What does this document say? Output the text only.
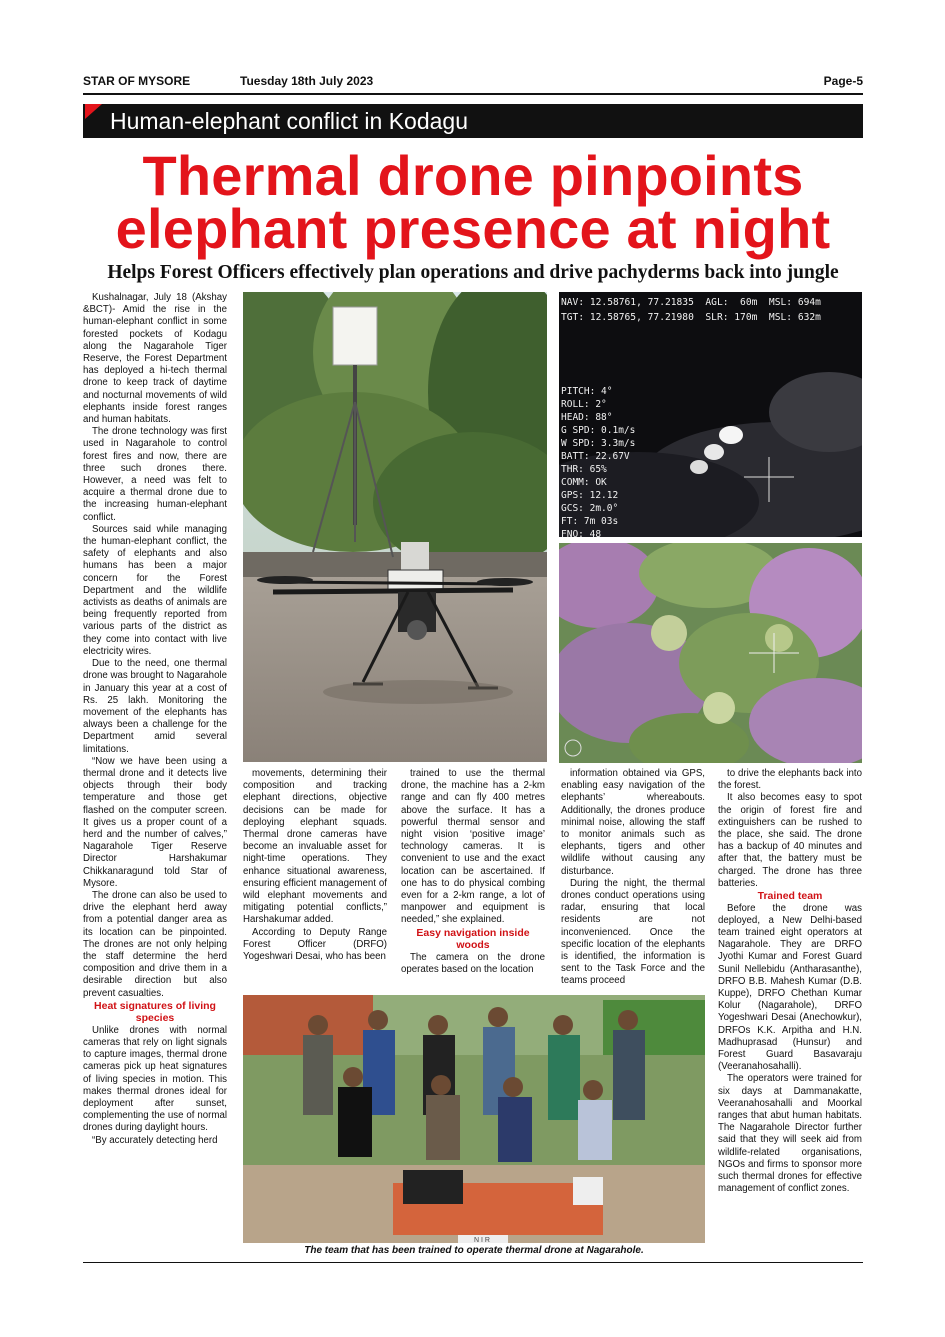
STAR OF MYSORE	Tuesday 18th July 2023	Page-5
Human-elephant conflict in Kodagu
Thermal drone pinpoints
elephant presence at night
Helps Forest Officers effectively plan operations and drive pachyderms back into jungle

Kushalnagar, July 18 (Akshay &BCT)- Amid the rise in the human-elephant conflict in some forested pockets of Kodagu along the Nagarahole Tiger Reserve, the Forest Department has deployed a hi-tech thermal drone to keep track of daytime and nocturnal movements of wild elephants inside forest ranges and human habitats.

The drone technology was first used in Nagarahole to control forest fires and now, there are three such drones there. However, a need was felt to acquire a thermal drone due to the increasing human-elephant conflict.

Sources said while managing the human-elephant conflict, the safety of elephants and also humans has been a major concern for the Forest Department and the wildlife activists as deaths of animals are being frequently reported from various parts of the district as they come into contact with live electricity wires.

Due to the need, one thermal drone was brought to Nagarahole in January this year at a cost of Rs. 25 lakh. Monitoring the movement of the elephants has always been a challenge for the Department amid several limitations.

“Now we have been using a thermal drone and it detects live objects through their body temperature and those get flashed on the computer screen. It gives us a proper count of a herd and the number of calves,” Nagarahole Tiger Reserve Director Harshakumar Chikkanaragund told Star of Mysore.

The drone can also be used to drive the elephant herd away from a potential danger area as its location can be pinpointed. The drones are not only helping the staff determine the herd composition and drive them in a desirable direction but also prevent casualties.

Heat signatures of living species

Unlike drones with normal cameras that rely on light signals to capture images, thermal drone cameras pick up heat signatures of living species in motion. This makes thermal drones ideal for deployment after sunset, complementing the use of normal drones during daylight hours.

“By accurately detecting herd

movements, determining their composition and tracking elephant directions, objective decisions can be made for deploying elephant squads. Thermal drone cameras have become an invaluable asset for night-time operations. They enhance situational awareness, ensuring efficient management of wild elephant movements and mitigating potential conflicts,” Harshakumar added.

According to Deputy Range Forest Officer (DRFO) Yogeshwari Desai, who has been

trained to use the thermal drone, the machine has a 2-km range and can fly 400 metres above the surface. It has a powerful thermal sensor and night vision ‘positive image’ technology cameras. It is convenient to use and the exact location can be ascertained. If one has to do physical combing even for a 2-km range, a lot of manpower and equipment is needed,” she explained.

Easy navigation inside woods

The camera on the drone operates based on the location

information obtained via GPS, enabling easy navigation of the elephants’ whereabouts. Additionally, the drones produce minimal noise, allowing the staff to monitor animals such as elephants, tigers and other wildlife without causing any disturbance.

During the night, the thermal drones conduct operations using radar, ensuring that local residents are not inconvenienced. Once the specific location of the elephants is identified, the information is sent to the Task Force and the teams proceed

to drive the elephants back into the forest.

It also becomes easy to spot the origin of forest fire and extinguishers can be rushed to the place, she said. The drone has a backup of 40 minutes and after that, the battery must be charged. The drone has three batteries.

Trained team

Before the drone was deployed, a New Delhi-based team trained eight operators at Nagarahole. They are DRFO Jyothi Kumar and Forest Guard Sunil Nellebidu (Antharasanthe), DRFO B.B. Mahesh Kumar (D.B. Kuppe), DRFO Chethan Kumar Kolur (Nagarahole), DRFO Yogeshwari Desai (Anechowkur), DRFOs K.K. Arpitha and H.N. Madhuprasad (Hunsur) and Forest Guard Basavaraju (Veeranahosahalli).

The operators were trained for six days at Dammanakatte, Veeranahosahalli and Moorkal ranges that abut human habitats. The Nagarahole Director further said that they will seek aid from wildlife-related organisations, NGOs and firms to sponsor more such thermal drones for effective management of conflict zones.

NAV: 12.58761, 77.21835  AGL:  60m  MSL: 694m
TGT: 12.58765, 77.21980  SLR: 170m  MSL: 632m
PITCH: 4°
ROLL: 2°
HEAD: 88°
G SPD: 0.1m/s
W SPD: 3.3m/s
BATT: 22.67V
THR: 65%
COMM: OK
GPS: 12.12
GCS: 2m.0°
FT: 7m 03s
FNO: 48
N I R
The team that has been trained to operate thermal drone at Nagarahole.
